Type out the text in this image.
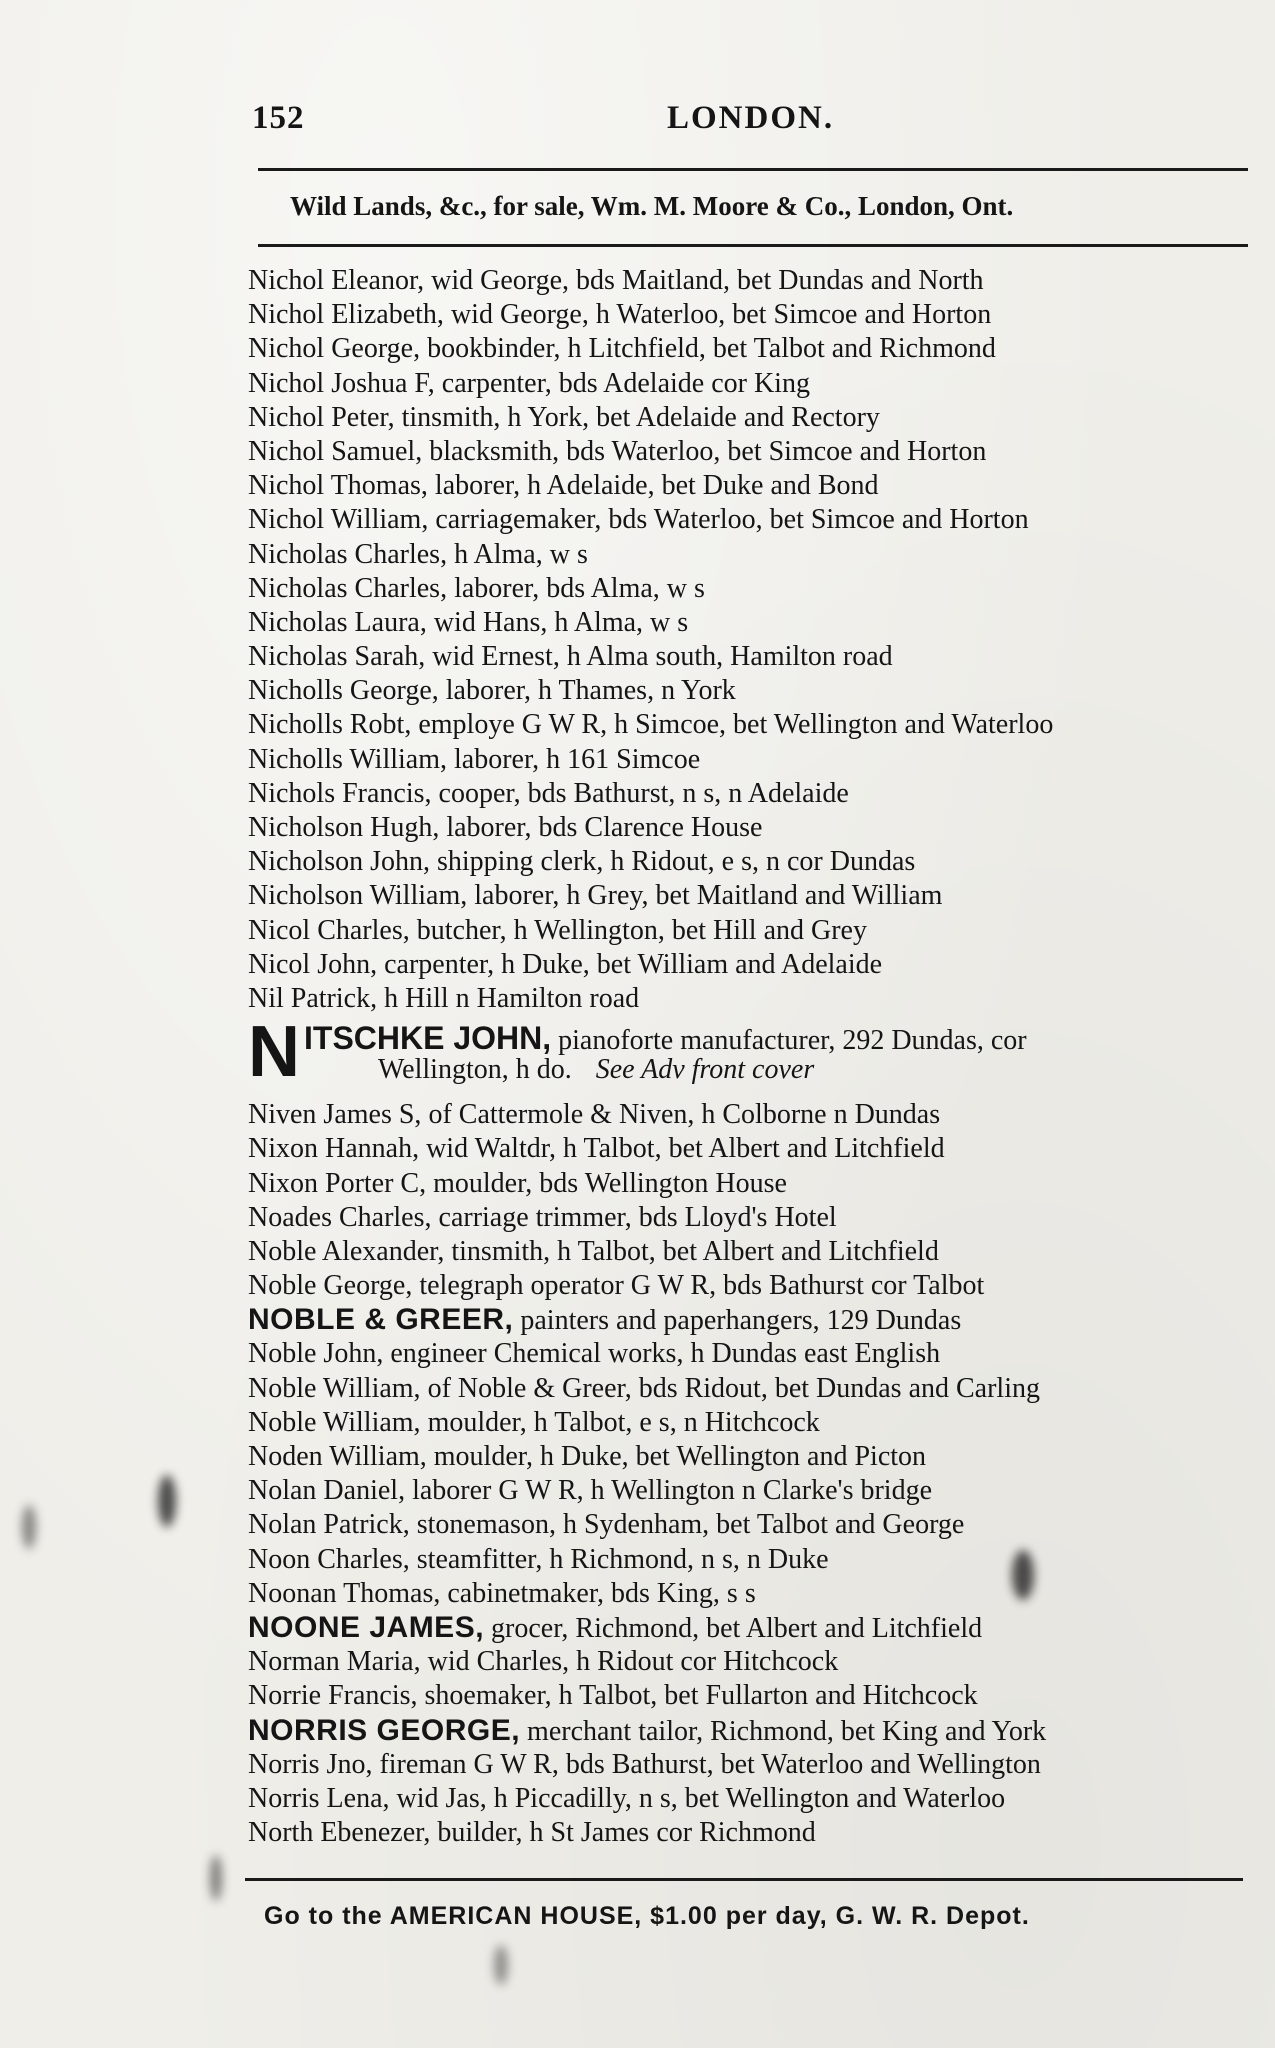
152	LONDON.
Wild Lands, &c., for sale, Wm. M. Moore & Co., London, Ont.
Nichol Eleanor, wid George, bds Maitland, bet Dundas and North
Nichol Elizabeth, wid George, h Waterloo, bet Simcoe and Horton
Nichol George, bookbinder, h Litchfield, bet Talbot and Richmond
Nichol Joshua F, carpenter, bds Adelaide cor King
Nichol Peter, tinsmith, h York, bet Adelaide and Rectory
Nichol Samuel, blacksmith, bds Waterloo, bet Simcoe and Horton
Nichol Thomas, laborer, h Adelaide, bet Duke and Bond
Nichol William, carriagemaker, bds Waterloo, bet Simcoe and Horton
Nicholas Charles, h Alma, w s
Nicholas Charles, laborer, bds Alma, w s
Nicholas Laura, wid Hans, h Alma, w s
Nicholas Sarah, wid Ernest, h Alma south, Hamilton road
Nicholls George, laborer, h Thames, n York
Nicholls Robt, employe G W R, h Simcoe, bet Wellington and Waterloo
Nicholls William, laborer, h 161 Simcoe
Nichols Francis, cooper, bds Bathurst, n s, n Adelaide
Nicholson Hugh, laborer, bds Clarence House
Nicholson John, shipping clerk, h Ridout, e s, n cor Dundas
Nicholson William, laborer, h Grey, bet Maitland and William
Nicol Charles, butcher, h Wellington, bet Hill and Grey
Nicol John, carpenter, h Duke, bet William and Adelaide
Nil Patrick, h Hill n Hamilton road
N ITSCHKE JOHN, pianoforte manufacturer, 292 Dundas, cor
Wellington, h do. See Adv front cover
Niven James S, of Cattermole & Niven, h Colborne n Dundas
Nixon Hannah, wid Waltdr, h Talbot, bet Albert and Litchfield
Nixon Porter C, moulder, bds Wellington House
Noades Charles, carriage trimmer, bds Lloyd's Hotel
Noble Alexander, tinsmith, h Talbot, bet Albert and Litchfield
Noble George, telegraph operator G W R, bds Bathurst cor Talbot
NOBLE & GREER, painters and paperhangers, 129 Dundas
Noble John, engineer Chemical works, h Dundas east English
Noble William, of Noble & Greer, bds Ridout, bet Dundas and Carling
Noble William, moulder, h Talbot, e s, n Hitchcock
Noden William, moulder, h Duke, bet Wellington and Picton
Nolan Daniel, laborer G W R, h Wellington n Clarke's bridge
Nolan Patrick, stonemason, h Sydenham, bet Talbot and George
Noon Charles, steamfitter, h Richmond, n s, n Duke
Noonan Thomas, cabinetmaker, bds King, s s
NOONE JAMES, grocer, Richmond, bet Albert and Litchfield
Norman Maria, wid Charles, h Ridout cor Hitchcock
Norrie Francis, shoemaker, h Talbot, bet Fullarton and Hitchcock
NORRIS GEORGE, merchant tailor, Richmond, bet King and York
Norris Jno, fireman G W R, bds Bathurst, bet Waterloo and Wellington
Norris Lena, wid Jas, h Piccadilly, n s, bet Wellington and Waterloo
North Ebenezer, builder, h St James cor Richmond
Go to the AMERICAN HOUSE, $1.00 per day, G. W. R. Depot.
